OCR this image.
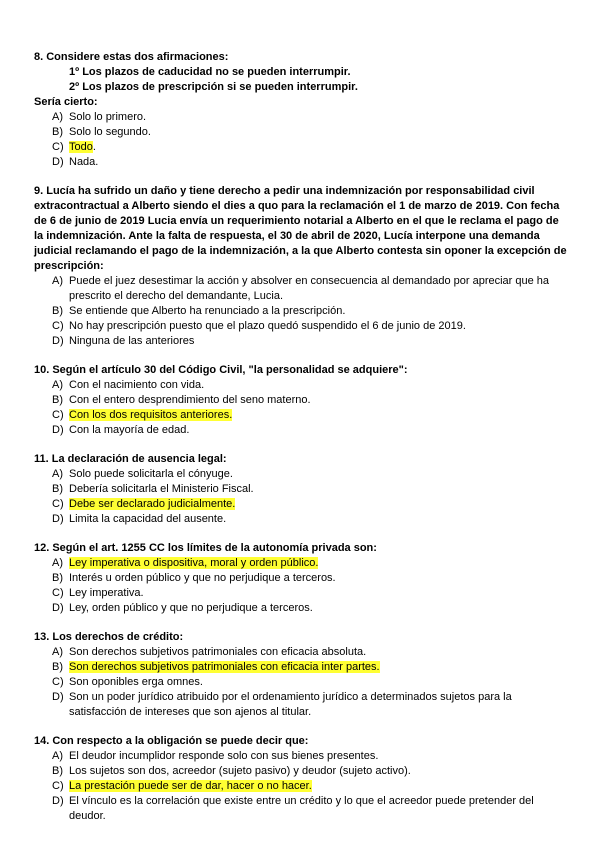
8. Considere estas dos afirmaciones:
1º Los plazos de caducidad no se pueden interrumpir.
2º Los plazos de prescripción si se pueden interrumpir.
Sería cierto:
A) Solo lo primero.
B) Solo lo segundo.
C) Todo.
D) Nada.
9. Lucía ha sufrido un daño y tiene derecho a pedir una indemnización por responsabilidad civil extracontractual a Alberto siendo el dies a quo para la reclamación el 1 de marzo de 2019. Con fecha de 6 de junio de 2019 Lucia envía un requerimiento notarial a Alberto en el que le reclama el pago de la indemnización. Ante la falta de respuesta, el 30 de abril de 2020, Lucía interpone una demanda judicial reclamando el pago de la indemnización, a la que Alberto contesta sin oponer la excepción de prescripción:
A) Puede el juez desestimar la acción y absolver en consecuencia al demandado por apreciar que ha prescrito el derecho del demandante, Lucia.
B) Se entiende que Alberto ha renunciado a la prescripción.
C) No hay prescripción puesto que el plazo quedó suspendido el 6 de junio de 2019.
D) Ninguna de las anteriores
10. Según el artículo 30 del Código Civil, "la personalidad se adquiere":
A) Con el nacimiento con vida.
B) Con el entero desprendimiento del seno materno.
C) Con los dos requisitos anteriores.
D) Con la mayoría de edad.
11. La declaración de ausencia legal:
A) Solo puede solicitarla el cónyuge.
B) Debería solicitarla el Ministerio Fiscal.
C) Debe ser declarado judicialmente.
D) Limita la capacidad del ausente.
12. Según el art. 1255 CC los límites de la autonomía privada son:
A) Ley imperativa o dispositiva, moral y orden público.
B) Interés u orden público y que no perjudique a terceros.
C) Ley imperativa.
D) Ley, orden público y que no perjudique a terceros.
13. Los derechos de crédito:
A) Son derechos subjetivos patrimoniales con eficacia absoluta.
B) Son derechos subjetivos patrimoniales con eficacia inter partes.
C) Son oponibles erga omnes.
D) Son un poder jurídico atribuido por el ordenamiento jurídico a determinados sujetos para la satisfacción de intereses que son ajenos al titular.
14. Con respecto a la obligación se puede decir que:
A) El deudor incumplidor responde solo con sus bienes presentes.
B) Los sujetos son dos, acreedor (sujeto pasivo) y deudor (sujeto activo).
C) La prestación puede ser de dar, hacer o no hacer.
D) El vínculo es la correlación que existe entre un crédito y lo que el acreedor puede pretender del deudor.
